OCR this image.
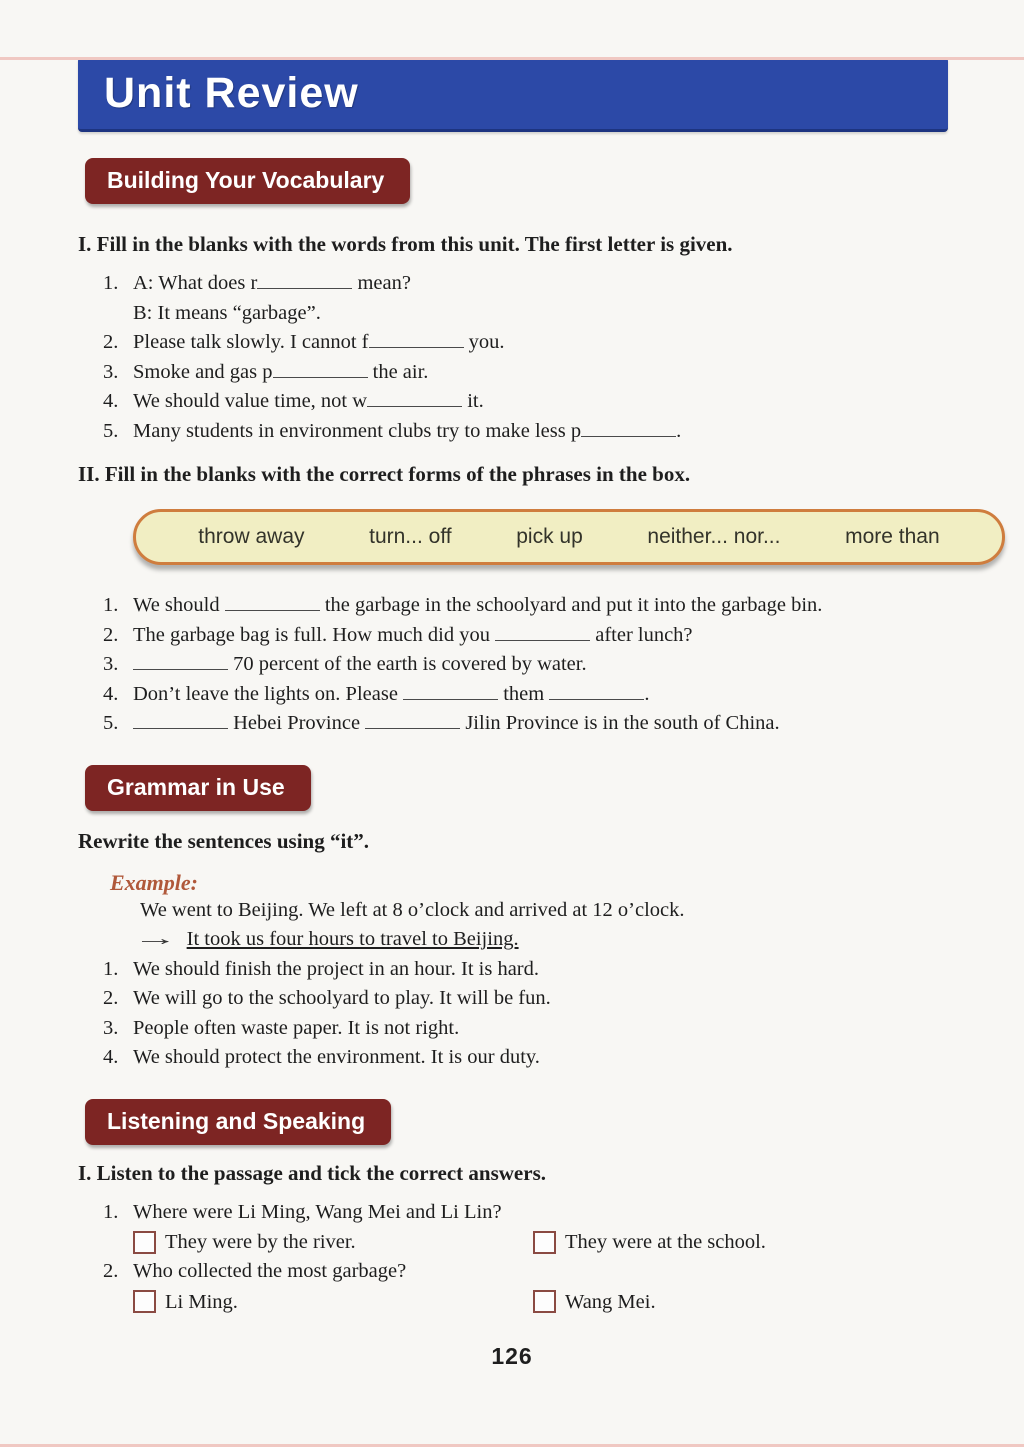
Unit Review
Building Your Vocabulary
I. Fill in the blanks with the words from this unit. The first letter is given.
1. A: What does r	mean?
B: It means “garbage”.
2. Please talk slowly. I cannot f	you.
3. Smoke and gas p	the air.
4. We should value time, not w	it.
5. Many students in environment clubs try to make less p	.
II. Fill in the blanks with the correct forms of the phrases in the box.
throw away	turn... off	pick up	neither... nor...	more than
1. We should	the garbage in the schoolyard and put it into the garbage bin.
2. The garbage bag is full. How much did you	after lunch?
3.	70 percent of the earth is covered by water.
4. Don’t leave the lights on. Please	them	.
5.	Hebei Province	Jilin Province is in the south of China.
Grammar in Use
Rewrite the sentences using “it”.
Example:
We went to Beijing. We left at 8 o’clock and arrived at 12 o’clock.
→ It took us four hours to travel to Beijing.
1. We should finish the project in an hour. It is hard.
2. We will go to the schoolyard to play. It will be fun.
3. People often waste paper. It is not right.
4. We should protect the environment. It is our duty.
Listening and Speaking
I. Listen to the passage and tick the correct answers.
1. Where were Li Ming, Wang Mei and Li Lin?
They were by the river.	They were at the school.
2. Who collected the most garbage?
Li Ming.	Wang Mei.
126
